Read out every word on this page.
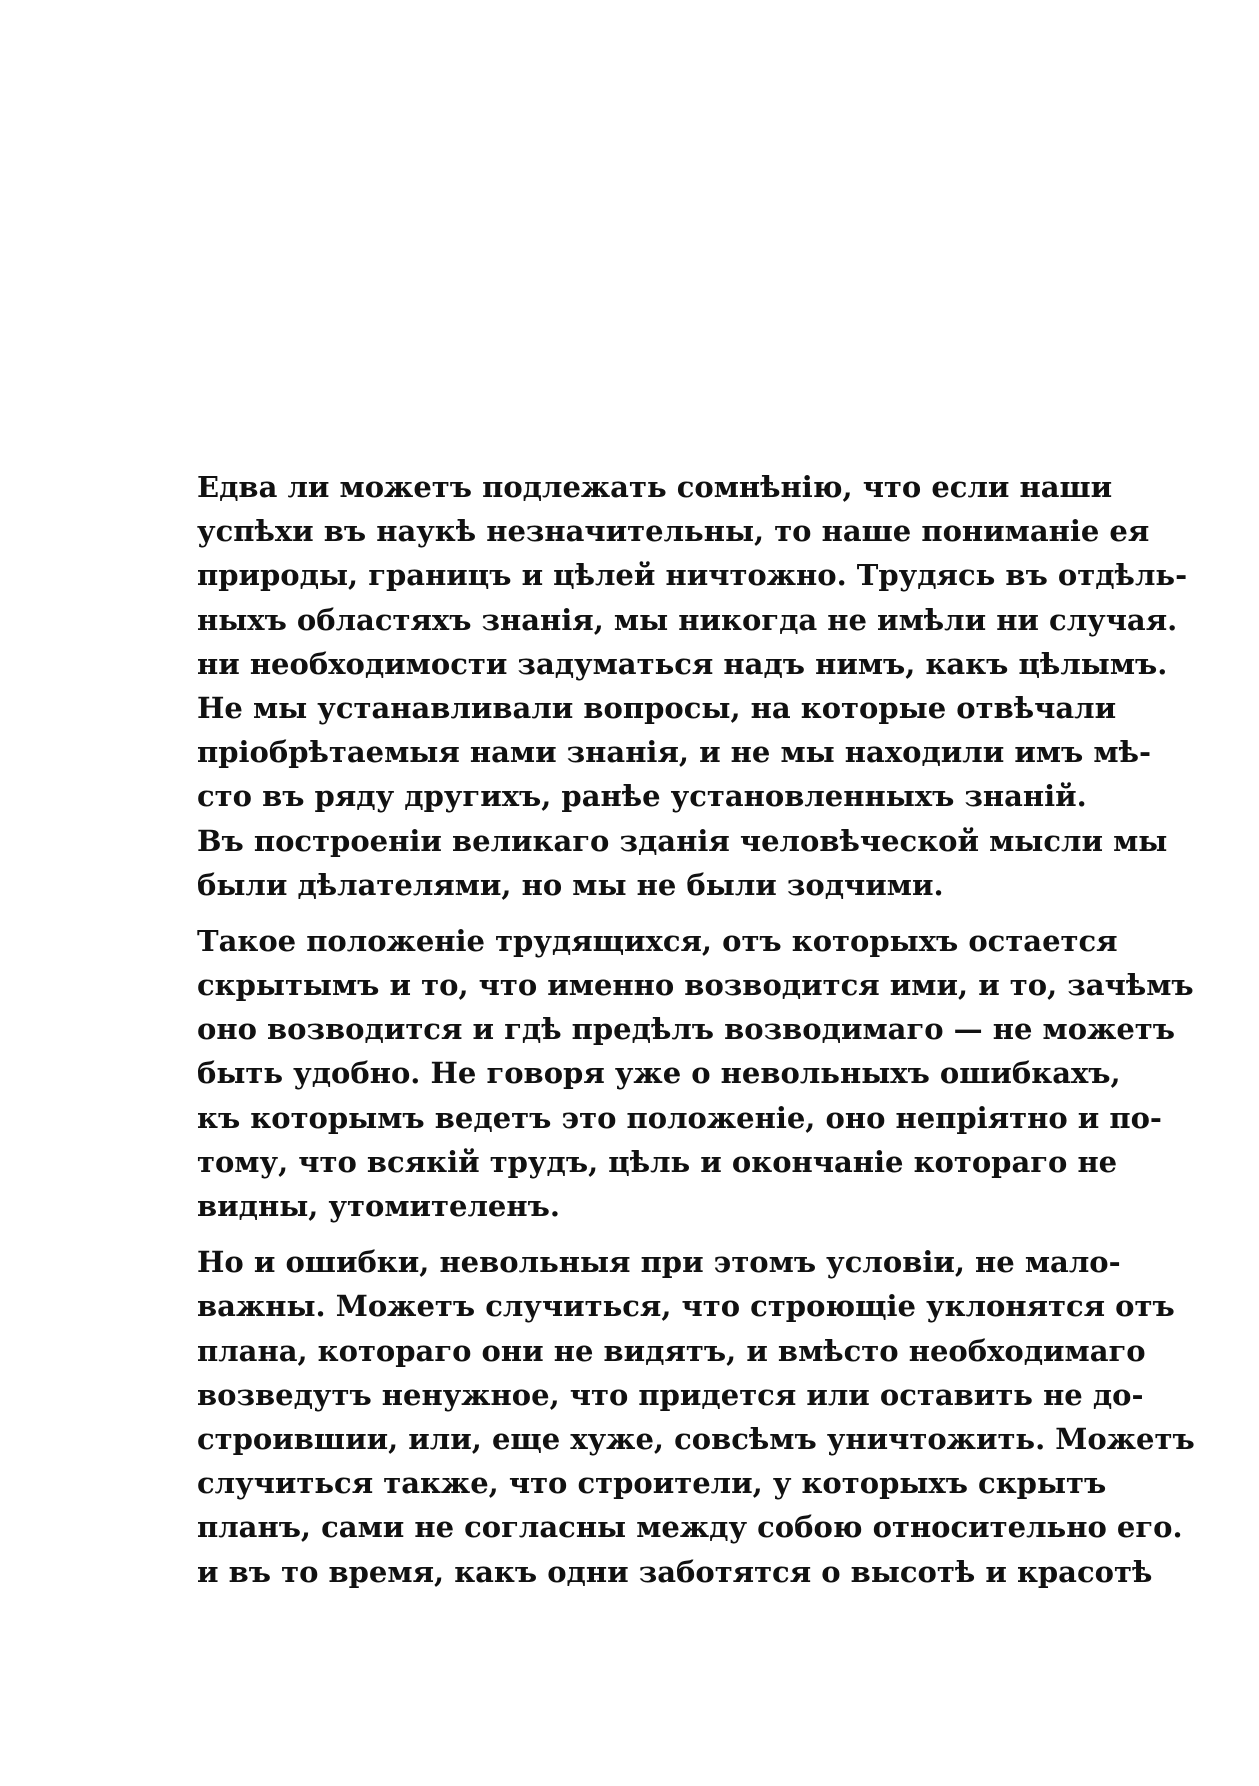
Едва ли можетъ подлежать сомнѣнію, что если наши
успѣхи въ наукѣ незначительны, то наше пониманіе ея
природы, границъ и цѣлей ничтожно. Трудясь въ отдѣль-
ныхъ областяхъ знанія, мы никогда не имѣли ни случая.
ни необходимости задуматься надъ нимъ, какъ цѣлымъ.
Не мы устанавливали вопросы, на которые отвѣчали
пріобрѣтаемыя нами знанія, и не мы находили имъ мѣ-
сто въ ряду другихъ, ранѣе установленныхъ знаній.
Въ построеніи великаго зданія человѣческой мысли мы
были дѣлателями, но мы не были зодчими.

Такое положеніе трудящихся, отъ которыхъ остается
скрытымъ и то, что именно возводится ими, и то, зачѣмъ
оно возводится и гдѣ предѣлъ возводимаго — не можетъ
быть удобно. Не говоря уже о невольныхъ ошибкахъ,
къ которымъ ведетъ это положеніе, оно непріятно и по-
тому, что всякій трудъ, цѣль и окончаніе котораго не
видны, утомителенъ.

Но и ошибки, невольныя при этомъ условіи, не мало-
важны. Можетъ случиться, что строющіе уклонятся отъ
плана, котораго они не видятъ, и вмѣсто необходимаго
возведутъ ненужное, что придется или оставить не до-
строившии, или, еще хуже, совсѣмъ уничтожить. Можетъ
случиться также, что строители, у которыхъ скрытъ
планъ, сами не согласны между собою относительно его.
и въ то время, какъ одни заботятся о высотѣ и красотѣ
